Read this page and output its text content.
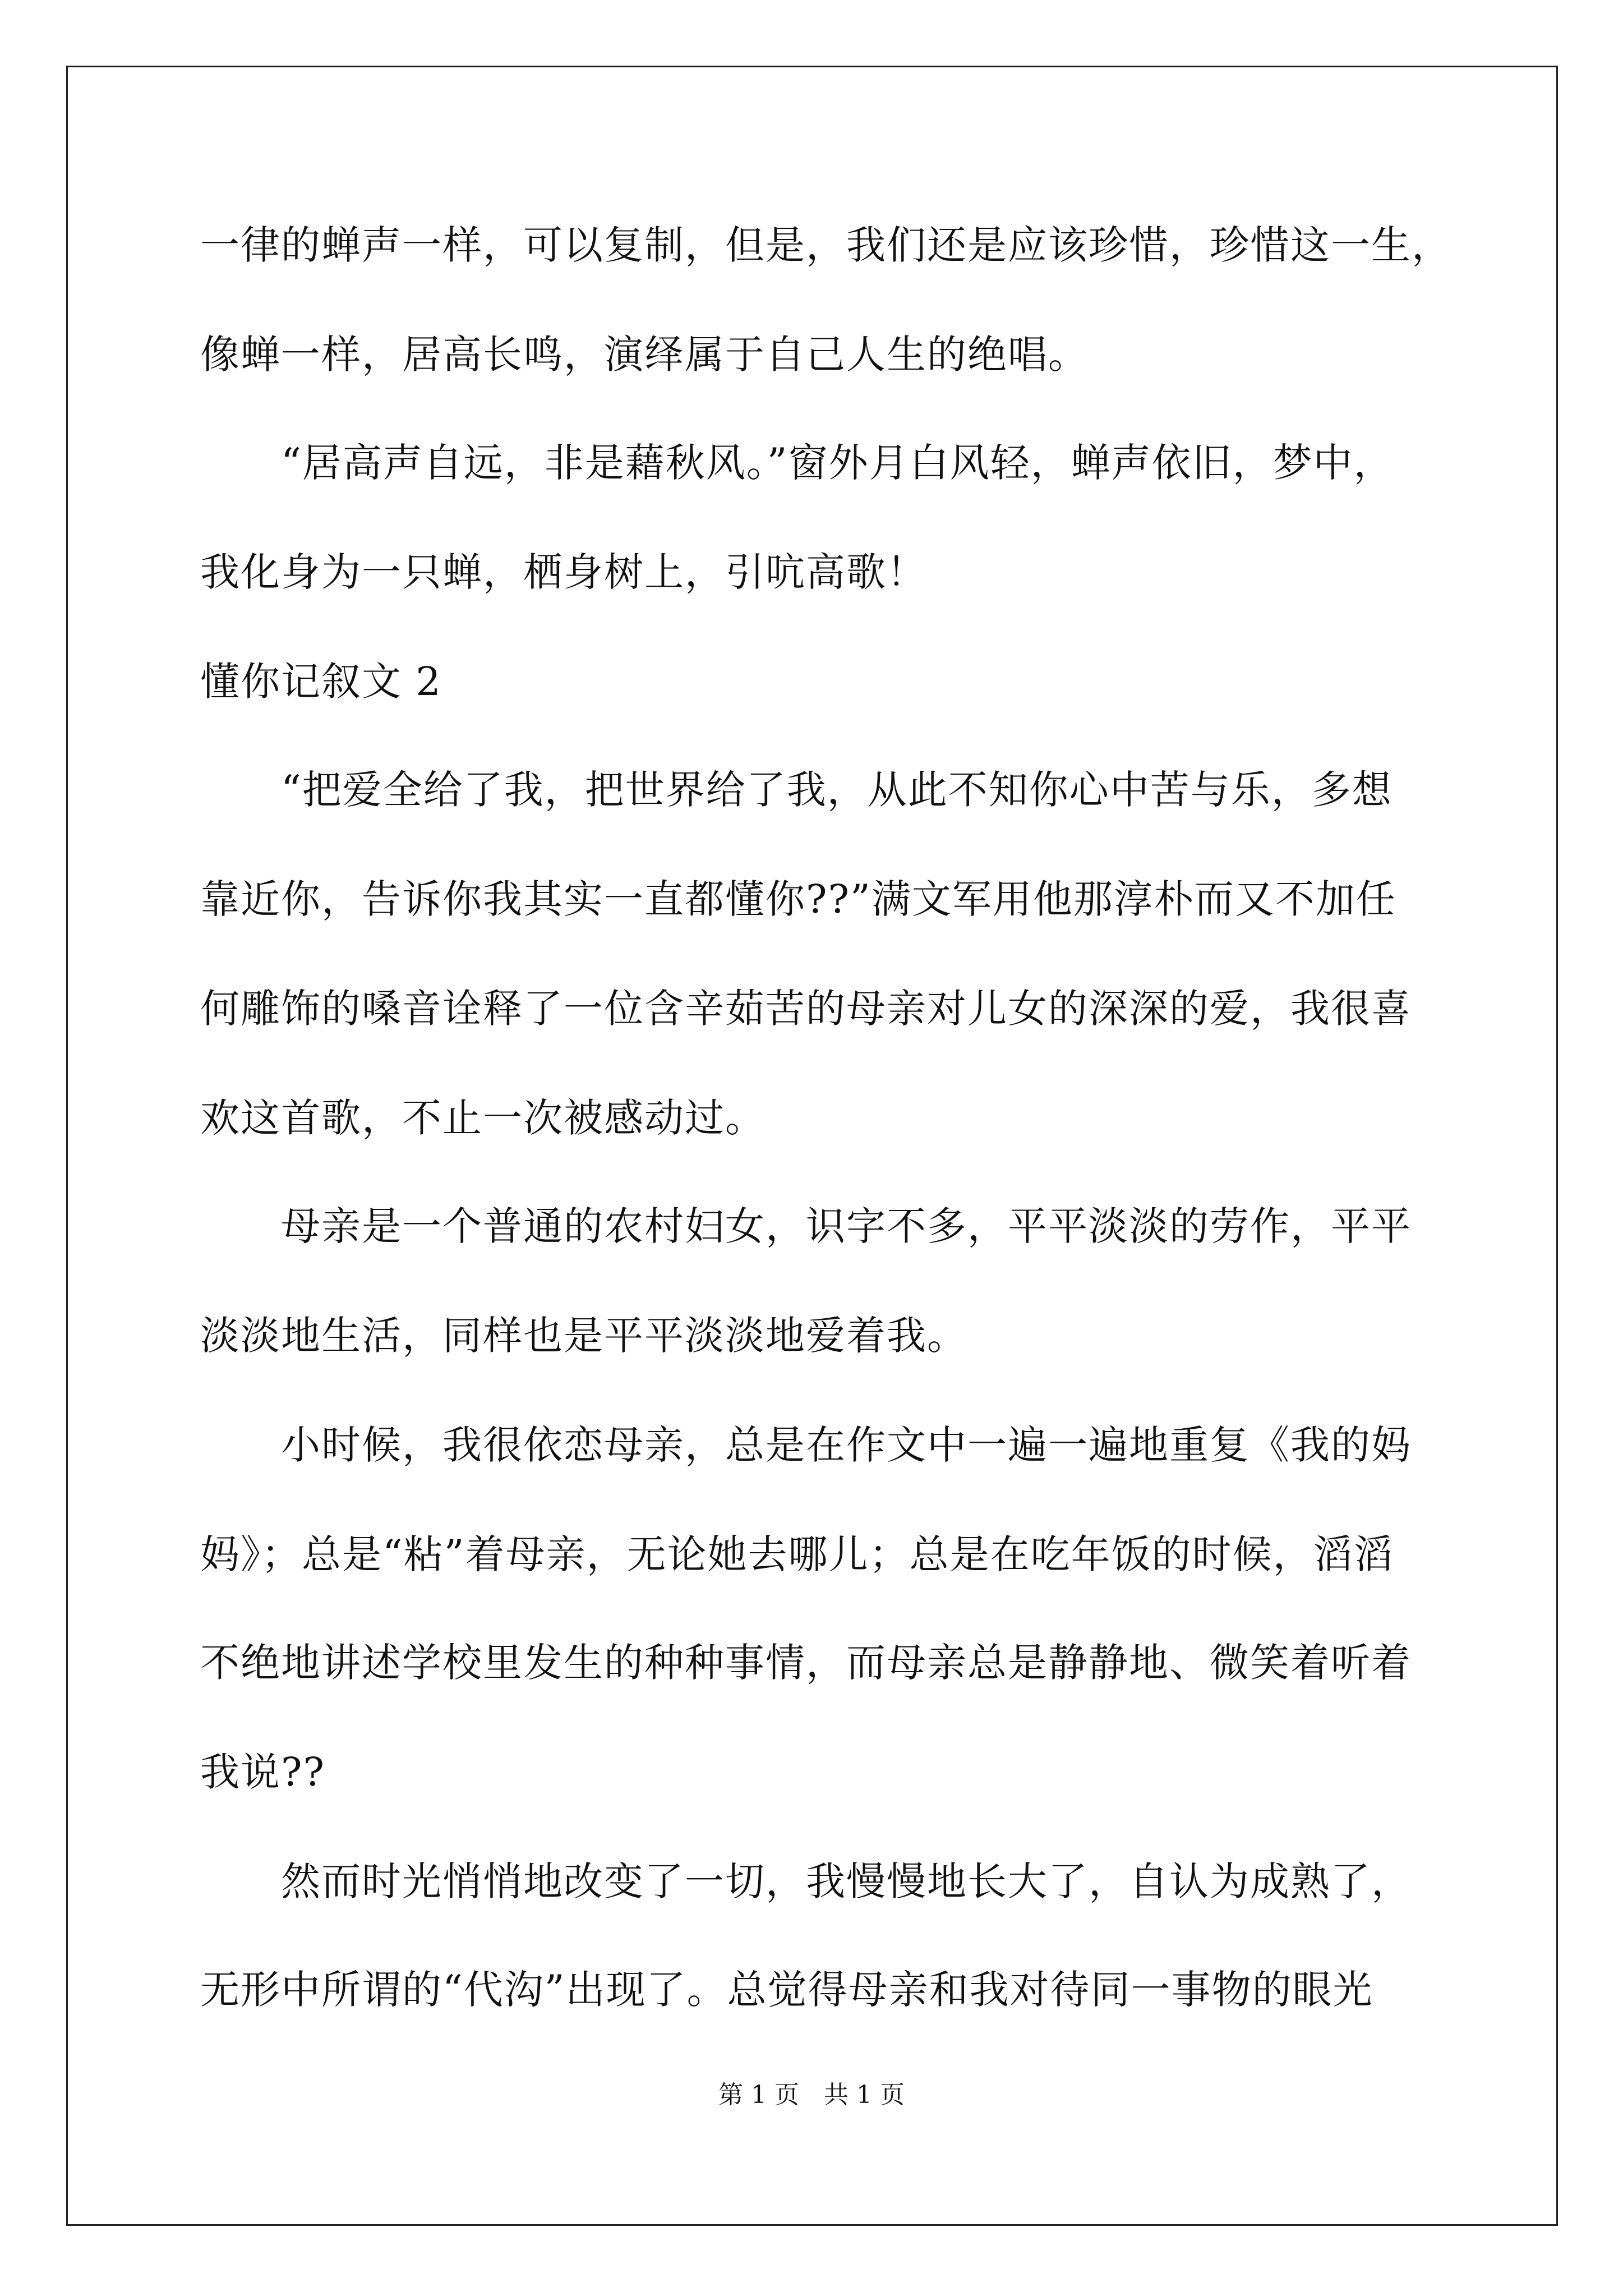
一律的蝉声一样，可以复制，但是，我们还是应该珍惜，珍惜这一生，
像蝉一样，居高长鸣，演绎属于自己人生的绝唱。
“居高声自远，非是藉秋风。”窗外月白风轻，蝉声依旧，梦中，
我化身为一只蝉，栖身树上，引吭高歌！
懂你记叙文 2
“把爱全给了我，把世界给了我，从此不知你心中苦与乐，多想
靠近你，告诉你我其实一直都懂你??”满文军用他那淳朴而又不加任
何雕饰的嗓音诠释了一位含辛茹苦的母亲对儿女的深深的爱，我很喜
欢这首歌，不止一次被感动过。
母亲是一个普通的农村妇女，识字不多，平平淡淡的劳作，平平
淡淡地生活，同样也是平平淡淡地爱着我。
小时候，我很依恋母亲，总是在作文中一遍一遍地重复《我的妈
妈》；总是“粘”着母亲，无论她去哪儿；总是在吃年饭的时候，滔滔
不绝地讲述学校里发生的种种事情，而母亲总是静静地、微笑着听着
我说??
然而时光悄悄地改变了一切，我慢慢地长大了，自认为成熟了，
无形中所谓的“代沟”出现了。总觉得母亲和我对待同一事物的眼光
第 1 页　共 1 页
